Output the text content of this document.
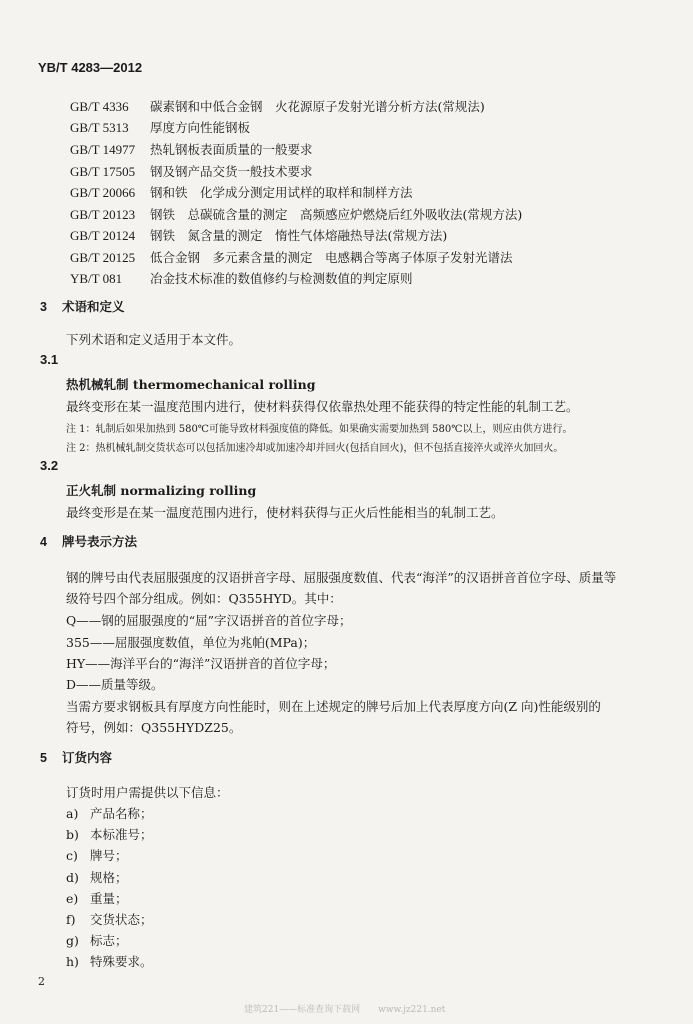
YB/T 4283—2012
GB/T 4336 碳素钢和中低合金钢　火花源原子发射光谱分析方法(常规法)
GB/T 5313 厚度方向性能钢板
GB/T 14977 热轧钢板表面质量的一般要求
GB/T 17505 钢及钢产品交货一般技术要求
GB/T 20066 钢和铁　化学成分测定用试样的取样和制样方法
GB/T 20123 钢铁　总碳硫含量的测定　高频感应炉燃烧后红外吸收法(常规方法)
GB/T 20124 钢铁　氮含量的测定　惰性气体熔融热导法(常规方法)
GB/T 20125 低合金钢　多元素含量的测定　电感耦合等离子体原子发射光谱法
YB/T 081 冶金技术标准的数值修约与检测数值的判定原则
3 术语和定义
下列术语和定义适用于本文件。
3.1
热机械轧制 thermomechanical rolling
最终变形在某一温度范围内进行，使材料获得仅依靠热处理不能获得的特定性能的轧制工艺。
注 1：轧制后如果加热到 580℃可能导致材料强度值的降低。如果确实需要加热到 580℃以上，则应由供方进行。
注 2：热机械轧制交货状态可以包括加速冷却或加速冷却并回火(包括自回火)，但不包括直接淬火或淬火加回火。
3.2
正火轧制 normalizing rolling
最终变形是在某一温度范围内进行，使材料获得与正火后性能相当的轧制工艺。
4 牌号表示方法
钢的牌号由代表屈服强度的汉语拼音字母、屈服强度数值、代表“海洋”的汉语拼音首位字母、质量等
级符号四个部分组成。例如：Q355HYD。其中：
Q——钢的屈服强度的“屈”字汉语拼音的首位字母；
355——屈服强度数值，单位为兆帕(MPa)；
HY——海洋平台的“海洋”汉语拼音的首位字母；
D——质量等级。
当需方要求钢板具有厚度方向性能时，则在上述规定的牌号后加上代表厚度方向(Z 向)性能级别的
符号，例如：Q355HYDZ25。
5 订货内容
订货时用户需提供以下信息：
a) 产品名称；
b) 本标准号；
c) 牌号；
d) 规格；
e) 重量；
f) 交货状态；
g) 标志；
h) 特殊要求。
2
建筑221——标准查询下载网　　www.jz221.net
